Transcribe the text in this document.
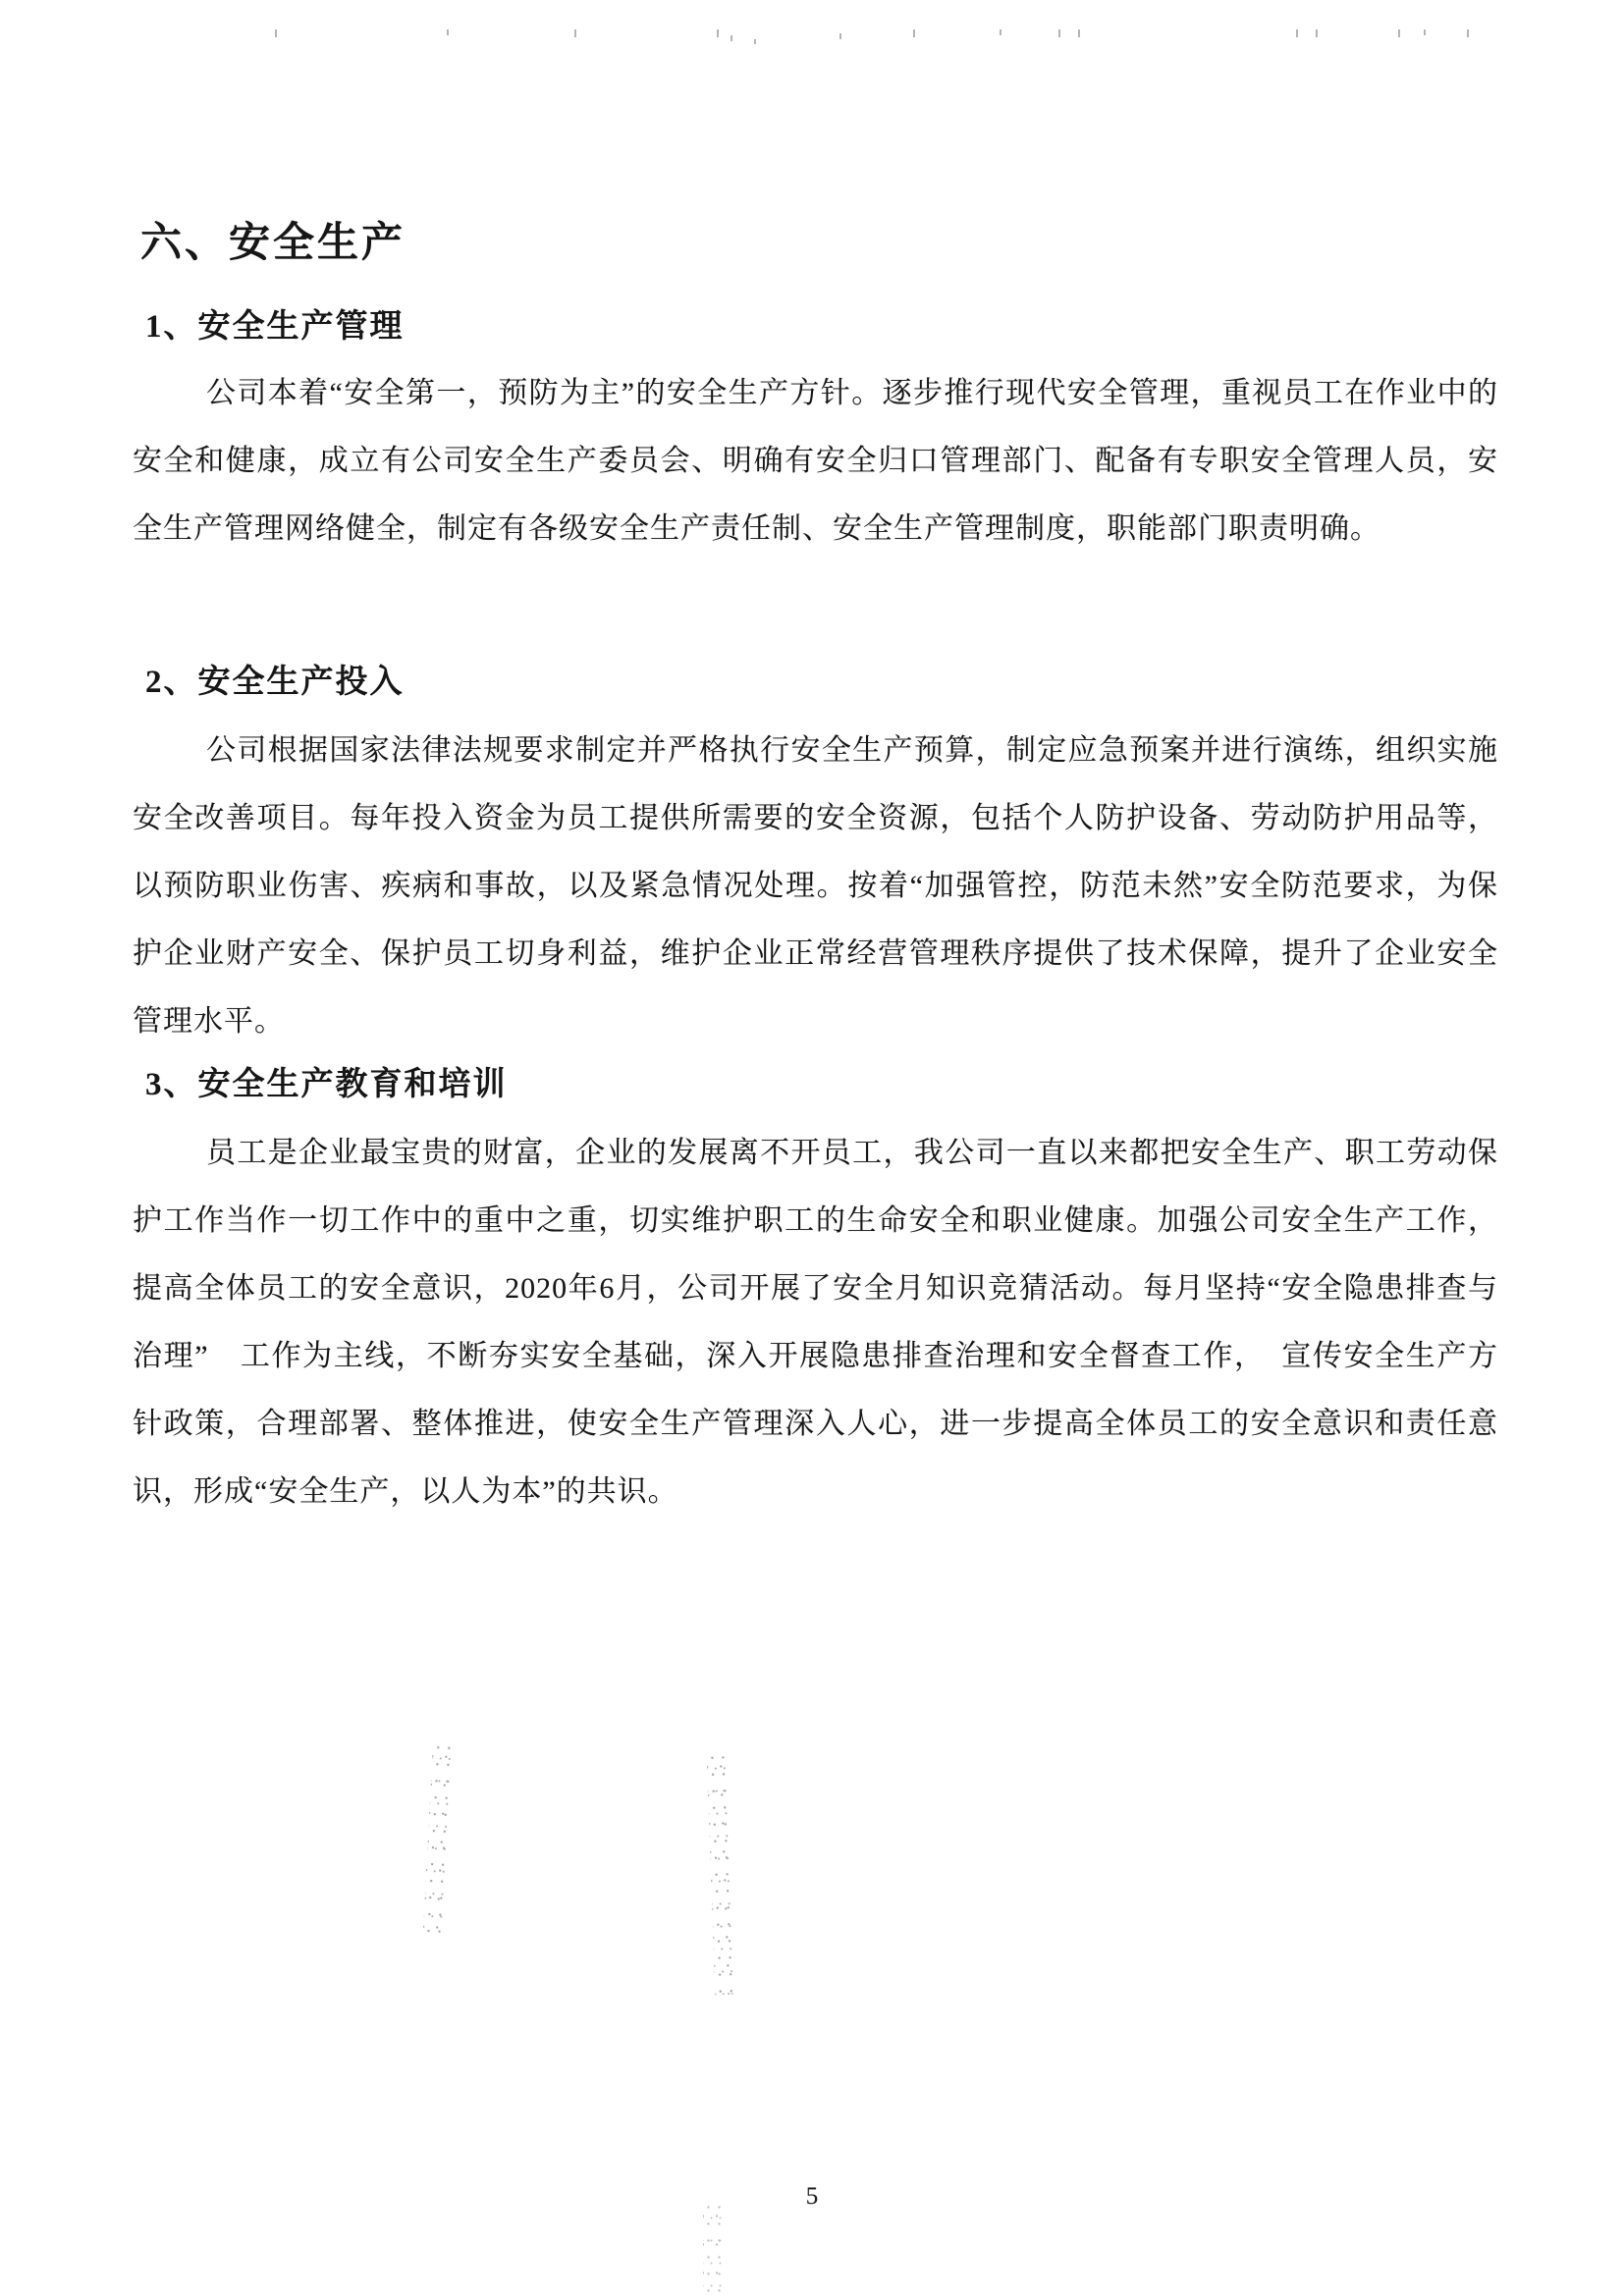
六、安全生产
1、安全生产管理

公司本着“安全第一，预防为主”的安全生产方针。逐步推行现代安全管理，重视员工在作业中的安全和健康，成立有公司安全生产委员会、明确有安全归口管理部门、配备有专职安全管理人员，安全生产管理网络健全，制定有各级安全生产责任制、安全生产管理制度，职能部门职责明确。

2、安全生产投入

公司根据国家法律法规要求制定并严格执行安全生产预算，制定应急预案并进行演练，组织实施安全改善项目。每年投入资金为员工提供所需要的安全资源，包括个人防护设备、劳动防护用品等，以预防职业伤害、疾病和事故，以及紧急情况处理。按着“加强管控，防范未然”安全防范要求，为保护企业财产安全、保护员工切身利益，维护企业正常经营管理秩序提供了技术保障，提升了企业安全管理水平。

3、安全生产教育和培训

员工是企业最宝贵的财富，企业的发展离不开员工，我公司一直以来都把安全生产、职工劳动保护工作当作一切工作中的重中之重，切实维护职工的生命安全和职业健康。加强公司安全生产工作，提高全体员工的安全意识，2020年6月，公司开展了安全月知识竞猜活动。每月坚持“安全隐患排查与治理”　工作为主线，不断夯实安全基础，深入开展隐患排查治理和安全督查工作，　宣传安全生产方针政策，合理部署、整体推进，使安全生产管理深入人心，进一步提高全体员工的安全意识和责任意识，形成“安全生产，以人为本”的共识。

5
